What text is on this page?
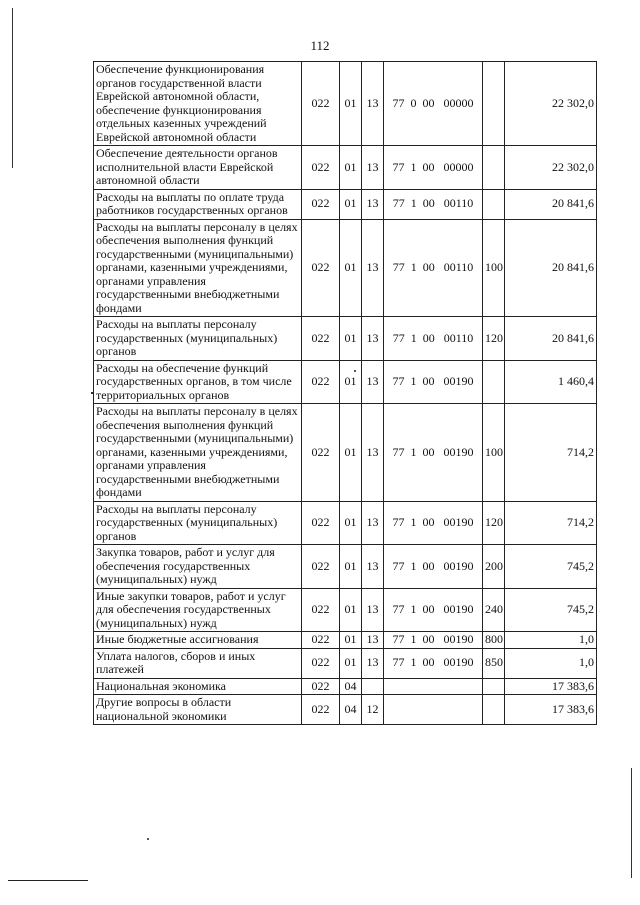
112
Обеспечение функционирования органов государственной власти Еврейской автономной области, обеспечение функционирования отдельных казенных учреждений Еврейской автономной области	022	01	13	77  0  00   00000		22 302,0
Обеспечение деятельности органов исполнительной власти Еврейской автономной области	022	01	13	77  1  00   00000		22 302,0
Расходы на выплаты по оплате труда работников государственных органов	022	01	13	77  1  00   00110		20 841,6
Расходы на выплаты персоналу в целях обеспечения выполнения функций государственными (муниципальными) органами, казенными учреждениями, органами управления государственными внебюджетными фондами	022	01	13	77  1  00   00110	100	20 841,6
Расходы на выплаты персоналу государственных (муниципальных) органов	022	01	13	77  1  00   00110	120	20 841,6
Расходы на обеспечение функций государственных органов, в том числе территориальных органов	022	01	13	77  1  00   00190		1 460,4
Расходы на выплаты персоналу в целях обеспечения выполнения функций государственными (муниципальными) органами, казенными учреждениями, органами управления государственными внебюджетными фондами	022	01	13	77  1  00   00190	100	714,2
Расходы на выплаты персоналу государственных (муниципальных) органов	022	01	13	77  1  00   00190	120	714,2
Закупка товаров, работ и услуг для обеспечения государственных (муниципальных) нужд	022	01	13	77  1  00   00190	200	745,2
Иные закупки товаров, работ и услуг для обеспечения государственных (муниципальных) нужд	022	01	13	77  1  00   00190	240	745,2
Иные бюджетные ассигнования	022	01	13	77  1  00   00190	800	1,0
Уплата налогов, сборов и иных платежей	022	01	13	77  1  00   00190	850	1,0
Национальная экономика	022	04				17 383,6
Другие вопросы в области национальной экономики	022	04	12			17 383,6
